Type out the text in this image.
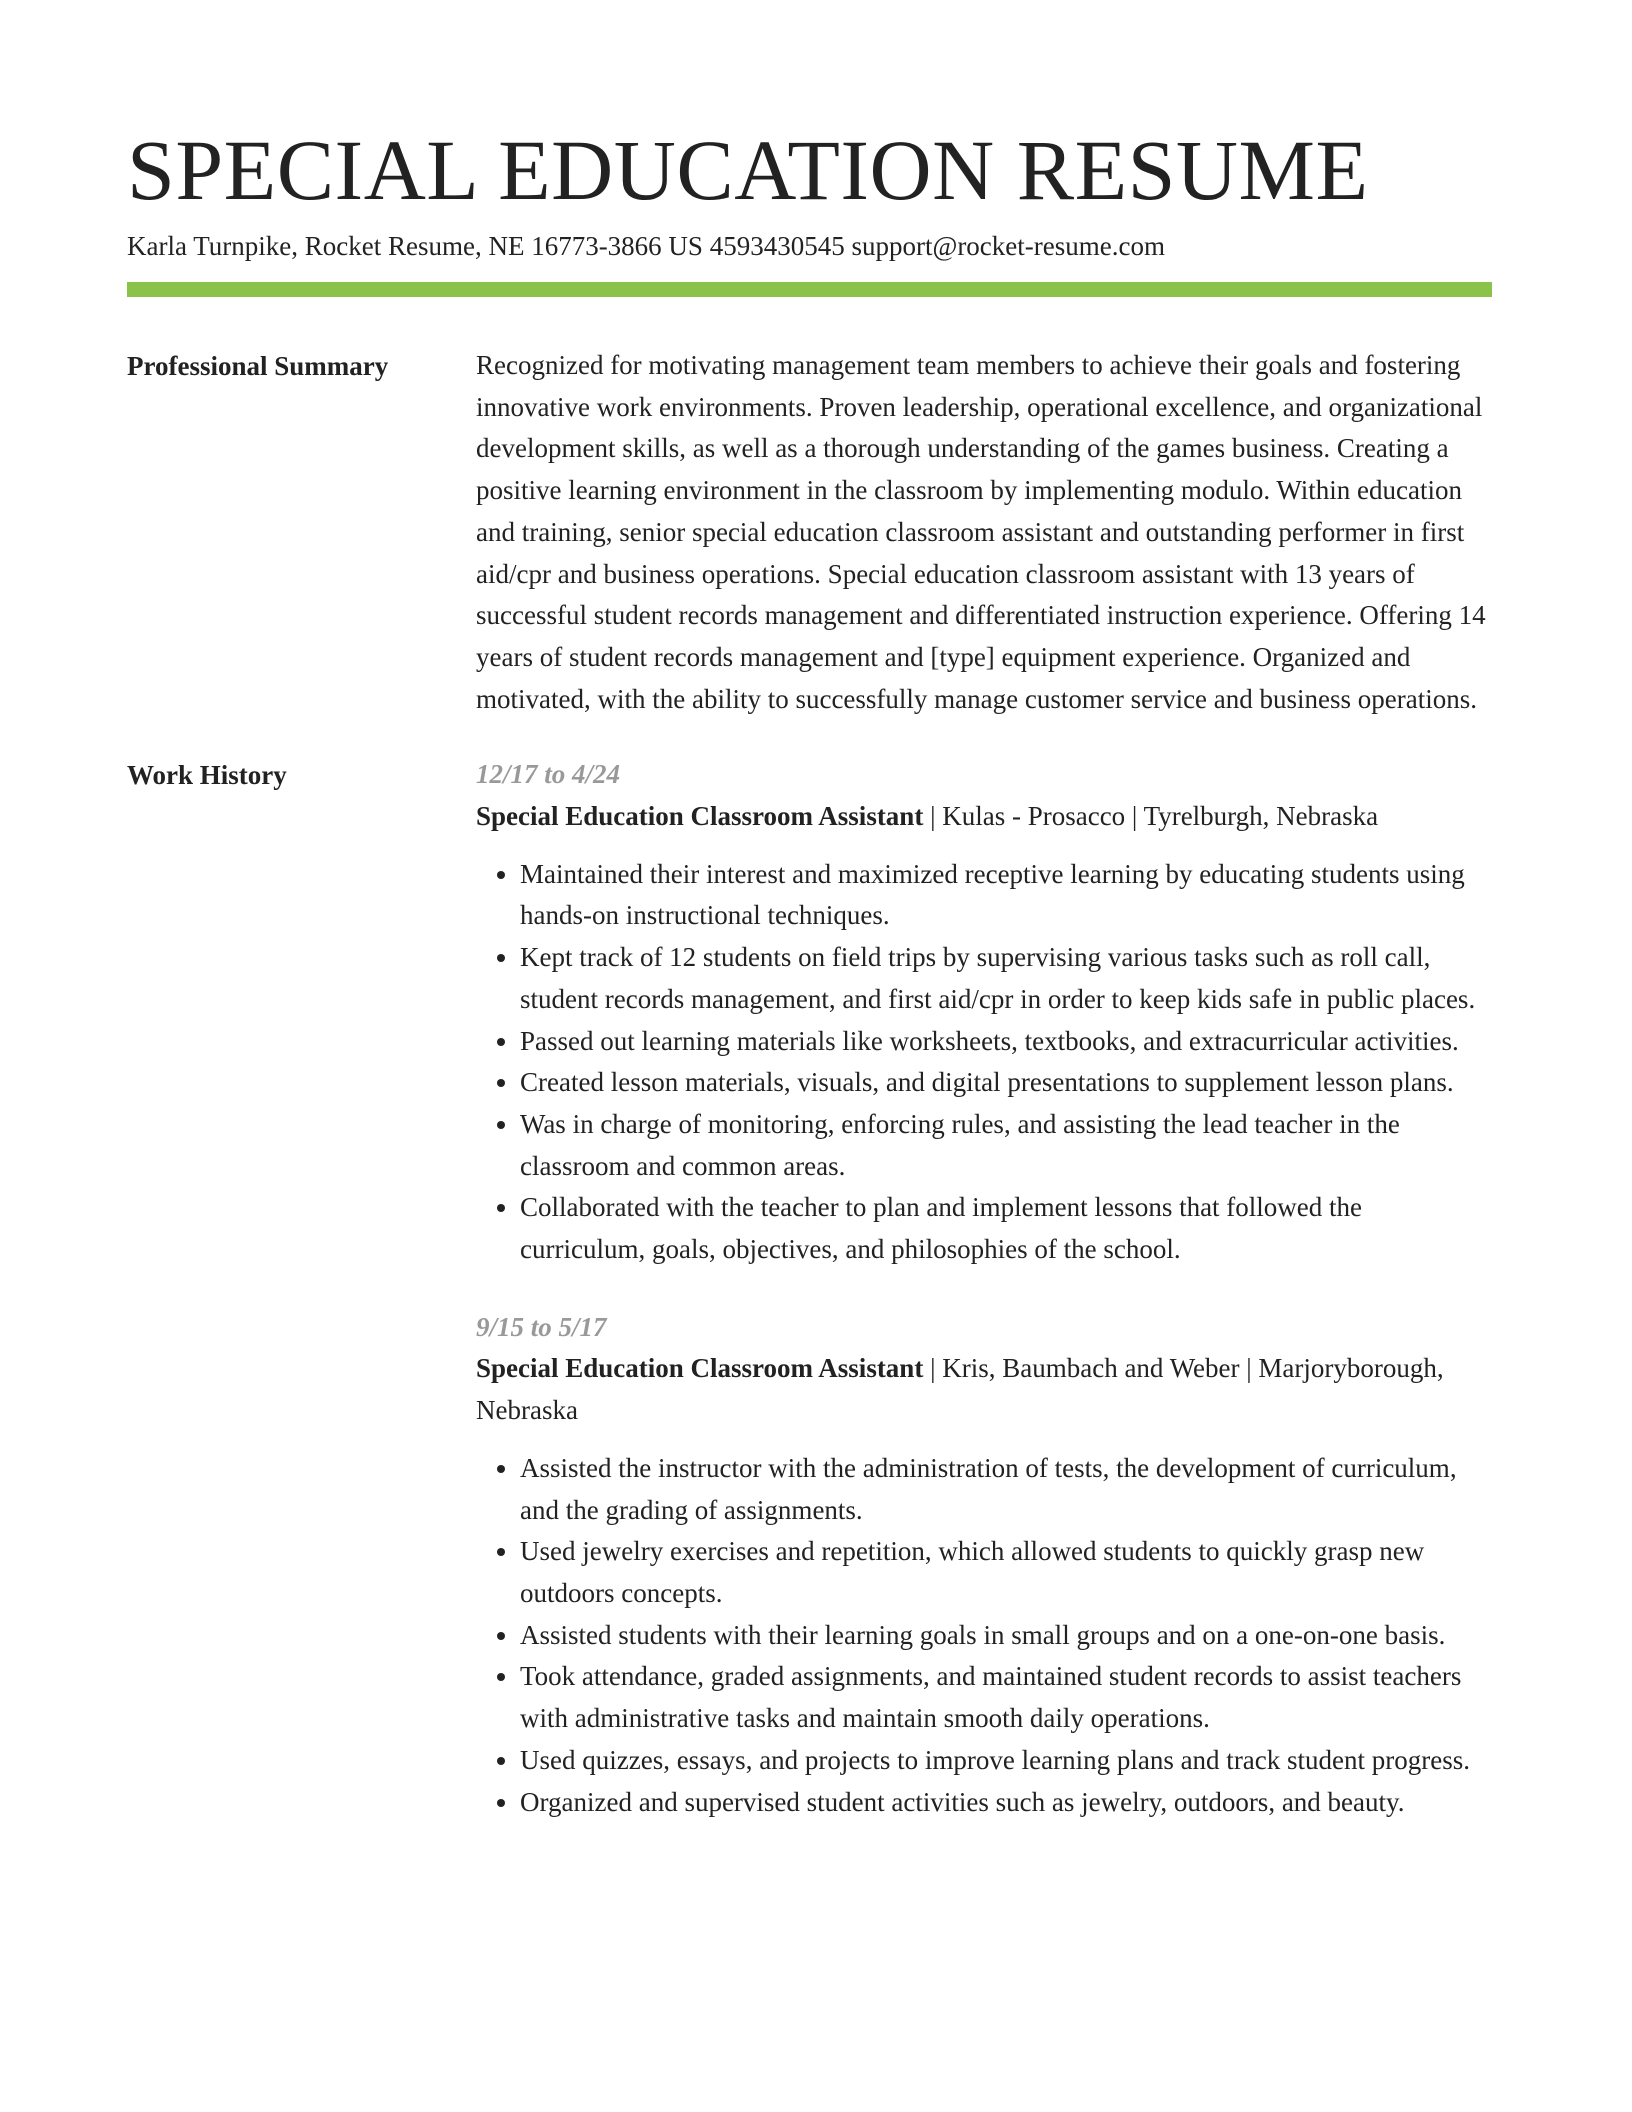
SPECIAL EDUCATION RESUME
Karla Turnpike, Rocket Resume, NE 16773-3866 US 4593430545 support@rocket-resume.com
Professional Summary	Recognized for motivating management team members to achieve their goals and fostering innovative work environments. Proven leadership, operational excellence, and organizational development skills, as well as a thorough understanding of the games business. Creating a positive learning environment in the classroom by implementing modulo. Within education and training, senior special education classroom assistant and outstanding performer in first aid/cpr and business operations. Special education classroom assistant with 13 years of successful student records management and differentiated instruction experience. Offering 14 years of student records management and [type] equipment experience. Organized and motivated, with the ability to successfully manage customer service and business operations.

Work History	12/17 to 4/24
Special Education Classroom Assistant | Kulas - Prosacco | Tyrelburgh, Nebraska
• Maintained their interest and maximized receptive learning by educating students using hands-on instructional techniques.
• Kept track of 12 students on field trips by supervising various tasks such as roll call, student records management, and first aid/cpr in order to keep kids safe in public places.
• Passed out learning materials like worksheets, textbooks, and extracurricular activities.
• Created lesson materials, visuals, and digital presentations to supplement lesson plans.
• Was in charge of monitoring, enforcing rules, and assisting the lead teacher in the classroom and common areas.
• Collaborated with the teacher to plan and implement lessons that followed the curriculum, goals, objectives, and philosophies of the school.
9/15 to 5/17
Special Education Classroom Assistant | Kris, Baumbach and Weber | Marjoryborough, Nebraska
• Assisted the instructor with the administration of tests, the development of curriculum, and the grading of assignments.
• Used jewelry exercises and repetition, which allowed students to quickly grasp new outdoors concepts.
• Assisted students with their learning goals in small groups and on a one-on-one basis.
• Took attendance, graded assignments, and maintained student records to assist teachers with administrative tasks and maintain smooth daily operations.
• Used quizzes, essays, and projects to improve learning plans and track student progress.
• Organized and supervised student activities such as jewelry, outdoors, and beauty.
